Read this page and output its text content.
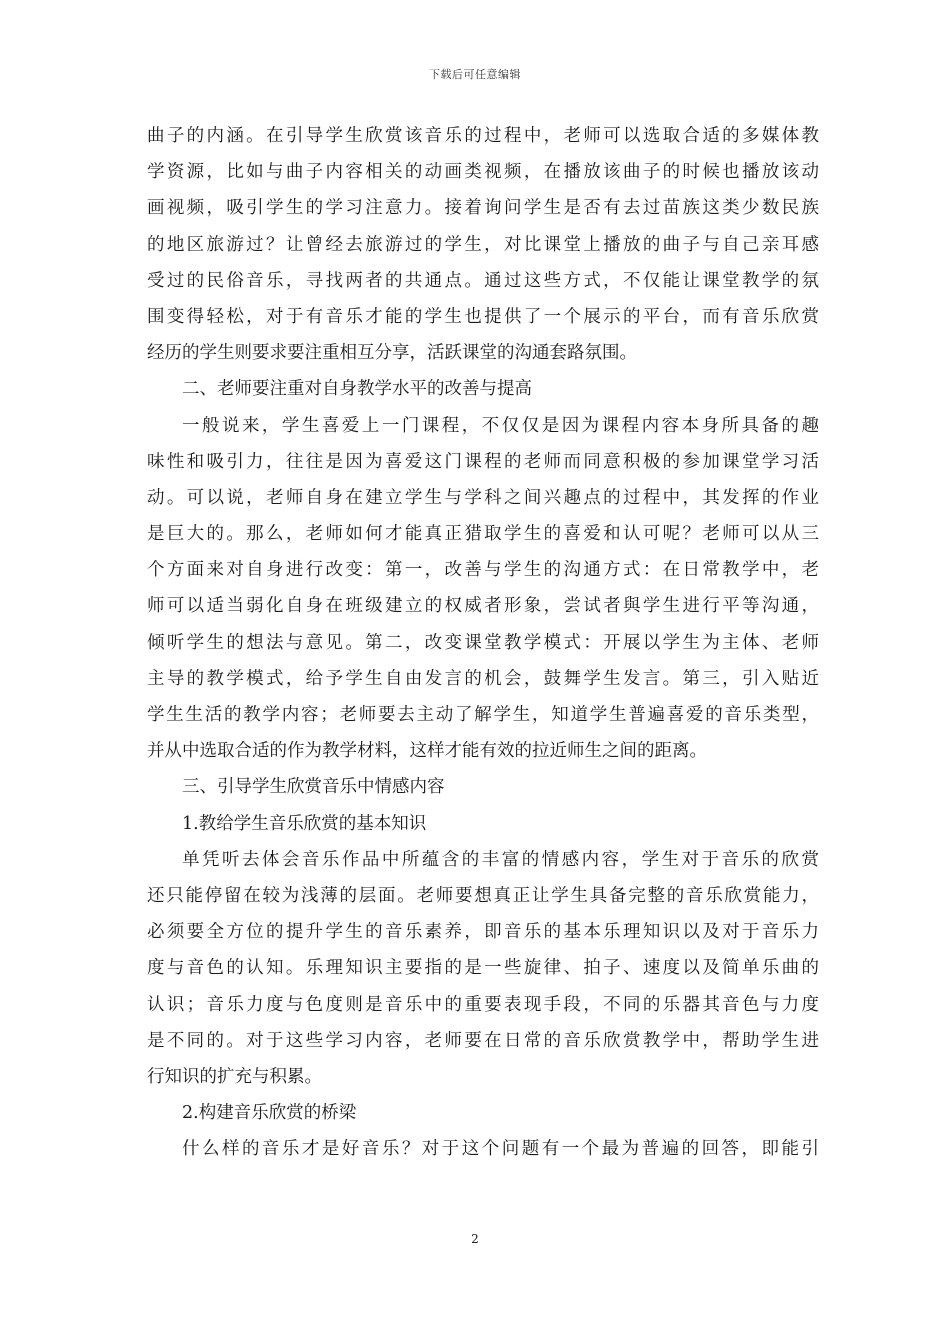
下载后可任意编辑
曲子的内涵。在引导学生欣赏该音乐的过程中，老师可以选取合适的多媒体教
学资源，比如与曲子内容相关的动画类视频，在播放该曲子的时候也播放该动
画视频，吸引学生的学习注意力。接着询问学生是否有去过苗族这类少数民族
的地区旅游过？让曾经去旅游过的学生，对比课堂上播放的曲子与自己亲耳感
受过的民俗音乐，寻找两者的共通点。通过这些方式，不仅能让课堂教学的氛
围变得轻松，对于有音乐才能的学生也提供了一个展示的平台，而有音乐欣赏
经历的学生则要求要注重相互分享，活跃课堂的沟通套路氛围。
二、老师要注重对自身教学水平的改善与提高
一般说来，学生喜爱上一门课程，不仅仅是因为课程内容本身所具备的趣
味性和吸引力，往往是因为喜爱这门课程的老师而同意积极的参加课堂学习活
动。可以说，老师自身在建立学生与学科之间兴趣点的过程中，其发挥的作业
是巨大的。那么，老师如何才能真正猎取学生的喜爱和认可呢？老师可以从三
个方面来对自身进行改变：第一，改善与学生的沟通方式：在日常教学中，老
师可以适当弱化自身在班级建立的权威者形象，尝试者與学生进行平等沟通，
倾听学生的想法与意见。第二，改变课堂教学模式：开展以学生为主体、老师
主导的教学模式，给予学生自由发言的机会，鼓舞学生发言。第三，引入贴近
学生生活的教学内容；老师要去主动了解学生，知道学生普遍喜爱的音乐类型，
并从中选取合适的作为教学材料，这样才能有效的拉近师生之间的距离。
三、引导学生欣赏音乐中情感内容
1.教给学生音乐欣赏的基本知识
单凭听去体会音乐作品中所蕴含的丰富的情感内容，学生对于音乐的欣赏
还只能停留在较为浅薄的层面。老师要想真正让学生具备完整的音乐欣赏能力，
必须要全方位的提升学生的音乐素养，即音乐的基本乐理知识以及对于音乐力
度与音色的认知。乐理知识主要指的是一些旋律、拍子、速度以及简单乐曲的
认识；音乐力度与色度则是音乐中的重要表现手段，不同的乐器其音色与力度
是不同的。对于这些学习内容，老师要在日常的音乐欣赏教学中，帮助学生进
行知识的扩充与积累。
2.构建音乐欣赏的桥梁
什么样的音乐才是好音乐？对于这个问题有一个最为普遍的回答，即能引
2
